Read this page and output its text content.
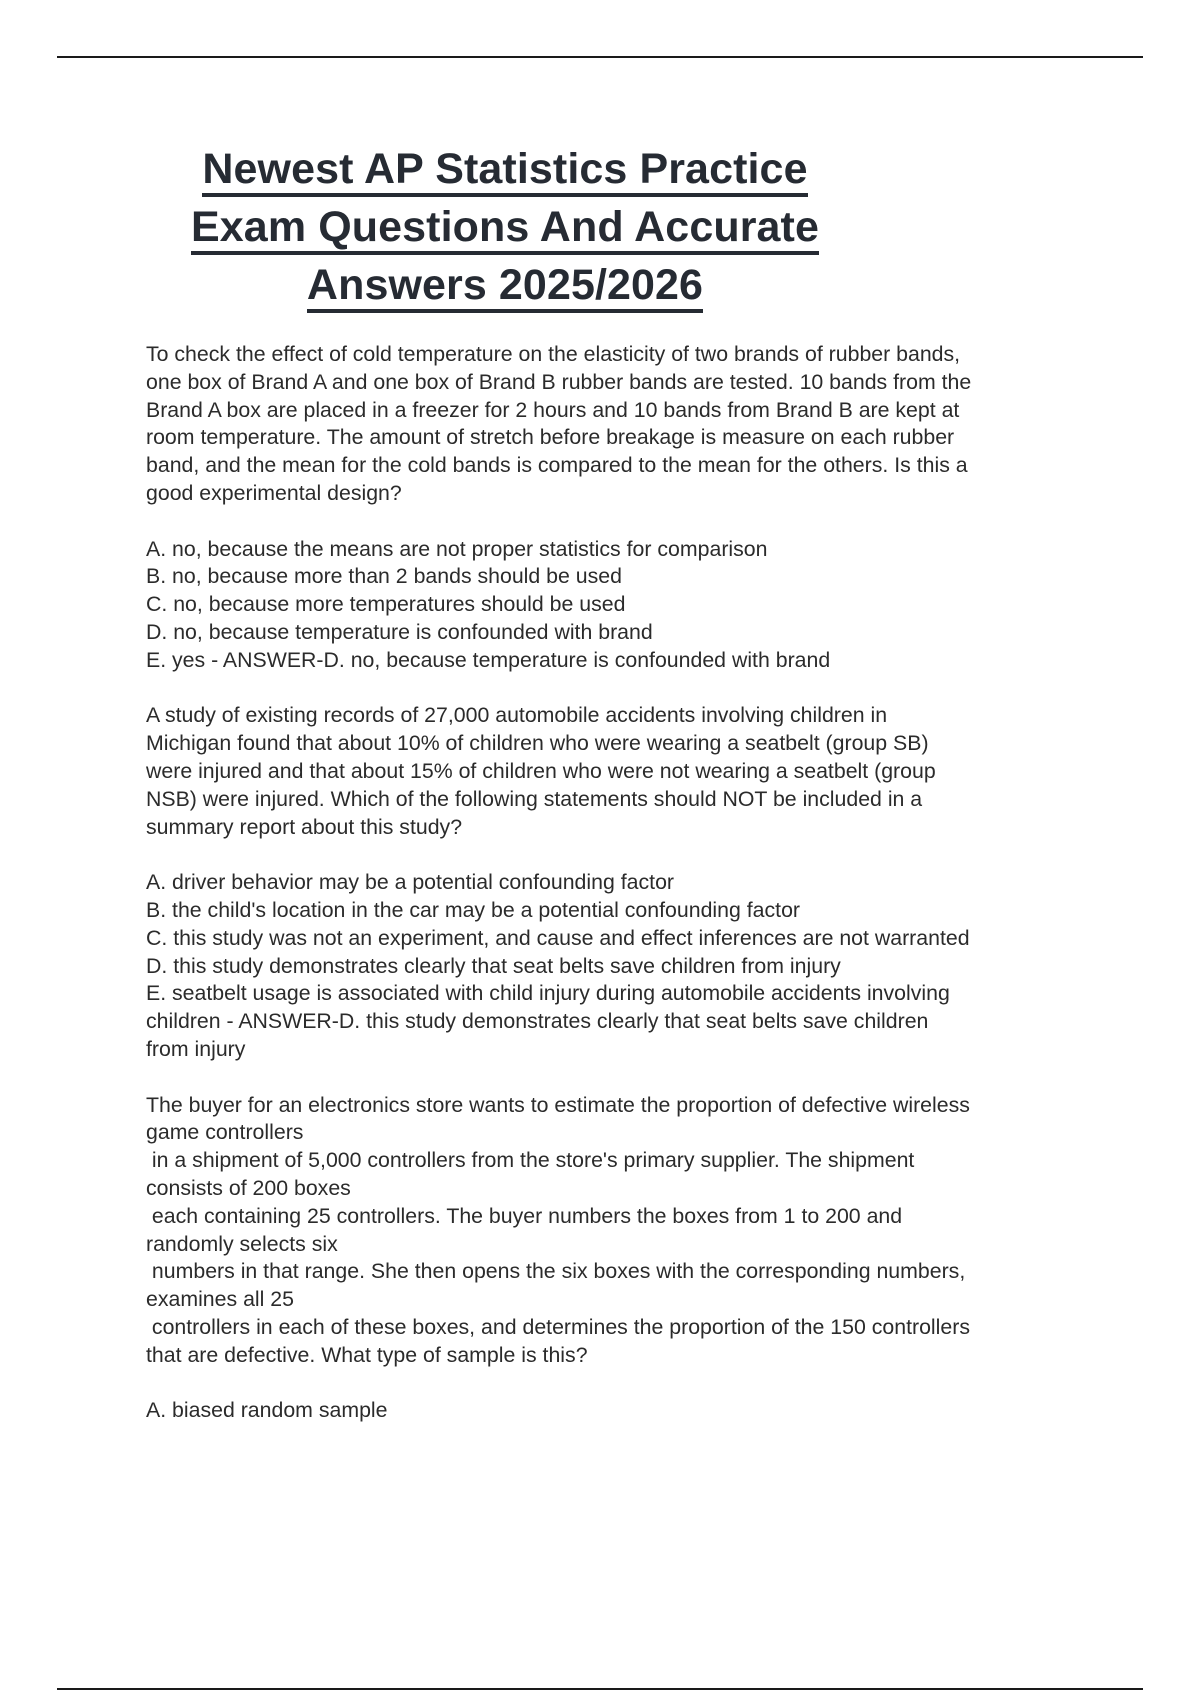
Newest AP Statistics Practice
Exam Questions And Accurate
Answers 2025/2026
To check the effect of cold temperature on the elasticity of two brands of rubber bands,
one box of Brand A and one box of Brand B rubber bands are tested. 10 bands from the
Brand A box are placed in a freezer for 2 hours and 10 bands from Brand B are kept at
room temperature. The amount of stretch before breakage is measure on each rubber
band, and the mean for the cold bands is compared to the mean for the others. Is this a
good experimental design?
A. no, because the means are not proper statistics for comparison
B. no, because more than 2 bands should be used
C. no, because more temperatures should be used
D. no, because temperature is confounded with brand
E. yes - ANSWER-D. no, because temperature is confounded with brand
A study of existing records of 27,000 automobile accidents involving children in
Michigan found that about 10% of children who were wearing a seatbelt (group SB)
were injured and that about 15% of children who were not wearing a seatbelt (group
NSB) were injured. Which of the following statements should NOT be included in a
summary report about this study?
A. driver behavior may be a potential confounding factor
B. the child's location in the car may be a potential confounding factor
C. this study was not an experiment, and cause and effect inferences are not warranted
D. this study demonstrates clearly that seat belts save children from injury
E. seatbelt usage is associated with child injury during automobile accidents involving
children - ANSWER-D. this study demonstrates clearly that seat belts save children
from injury
The buyer for an electronics store wants to estimate the proportion of defective wireless
game controllers
in a shipment of 5,000 controllers from the store's primary supplier. The shipment
consists of 200 boxes
each containing 25 controllers. The buyer numbers the boxes from 1 to 200 and
randomly selects six
numbers in that range. She then opens the six boxes with the corresponding numbers,
examines all 25
controllers in each of these boxes, and determines the proportion of the 150 controllers
that are defective. What type of sample is this?
A. biased random sample
